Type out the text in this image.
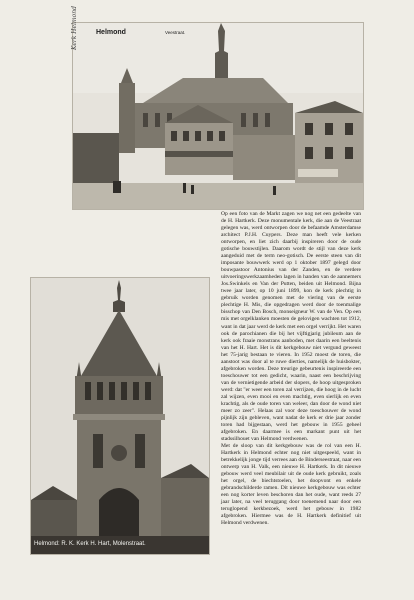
Kerk Helmond	Helmond	Veestraat.
Helmond: R. K. Kerk H. Hart, Molenstraat.

Op een foto van de Markt zagen we nog net een gedeelte van de H. Hartkerk. Deze monumentale kerk, die aan de Veestraat gelegen was, werd ontworpen door de befaamde Amsterdamse architect P.J.H. Cuypers. Deze man heeft vele kerken ontworpen, en liet zich daarbij inspireren door de oude gotische bouwstijlen. Daarom wordt de stijl van deze kerk aangeduid met de term neo-gotisch. De eerste steen van dit imposante bouwwerk werd op 1 oktober 1897 gelegd door bouwpastoor Antonius van der Zanden, en de verdere uitvoeringswerkzaamheden lagen in handen van de aannemers Jos.Swinkels en Van der Putten, beiden uit Helmond. Bijna twee jaar later, op 10 juni 1899, kon de kerk plechtig in gebruik worden genomen met de viering van de eerste plechtige H. Mis, die opgedragen werd door de toenmalige bisschop van Den Bosch, monseigneur W. van de Ven. Op een mis met orgelklanken moesten de gelovigen wachten tot 1912, want in dat jaar werd de kerk met een orgel verrijkt. Het waren ook de parochianen die bij het vijftigjarig jubileum aan de kerk ook fraaie monstrans aanboden, met daarin een beeltenis van het H. Hart. Het is dit kerkgebouw niet vergund geweest het 75-jarig bestaan te vieren. In 1952 moest de toren, die aanstoot was door al te ruwe dierties, namelijk de huisbokter, afgebroken worden. Deze treurige gebeurtenis inspireerde een toeschouwer tot een gedicht, waarin, naast een beschrijving van de vernietigende arbeid der slopers, de hoop uitgesproken werd: dat "er weer een toren zal verrijzen, die hoog in de lucht zal wijzen, even mooi en even machtig, even sierlijk en even krachtig, als de oude toren van weleer, dan door de wond niet meer zo zeer". Helaas zal voor deze toeschouwer de wond pijnlijk zijn gebleven, want nadat de kerk er drie jaar zonder toren had bijgestaan, werd het gebouw in 1955 geheel afgebroken. En daarmee is een markant punt uit het stadssilhouet van Helmond verdwenen.

Met de sloop van dit kerkgebouw was de rol van een H. Hartkerk in Helmond echter nog niet uitgespeeld, want in betrekkelijk jonge tijd verrees aan de Binderseestraat, naar een ontwerp van H. Valk, een nieuwe H. Hartkerk. In dit nieuwe gebouw werd veel meubilair uit de oude kerk gebruikt, zoals het orgel, de biechtstoelen, het doopvont en enkele gebrandschilderde ramen. Dit nieuwe kerkgebouw was echter een nog korter leven beschoren dan het oude, want reeds 27 jaar later, na veel teruggang door toenemend naar door een teruglopend kerkbezoek, werd het gebouw in 1982 afgebroken. Hiermee was de H. Hartkerk definitief uit Helmond verdwenen.
